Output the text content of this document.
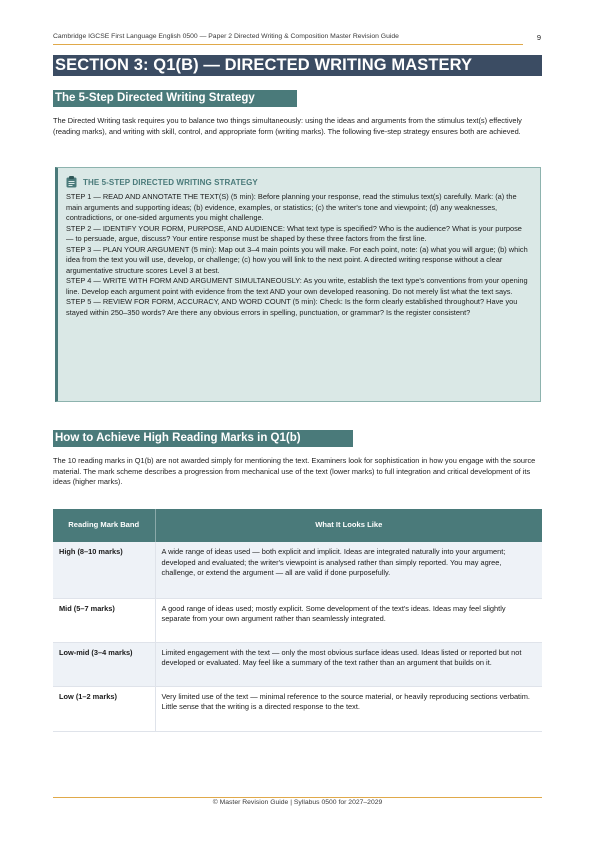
Cambridge IGCSE First Language English 0500 — Paper 2 Directed Writing & Composition Master Revision Guide	9
SECTION 3: Q1(B) — DIRECTED WRITING MASTERY
The 5-Step Directed Writing Strategy

The Directed Writing task requires you to balance two things simultaneously: using the ideas and arguments from the stimulus text(s) effectively (reading marks), and writing with skill, control, and appropriate form (writing marks). The following five-step strategy ensures both are achieved.

THE 5-STEP DIRECTED WRITING STRATEGY

STEP 1 — READ AND ANNOTATE THE TEXT(S) (5 min): Before planning your response, read the stimulus text(s) carefully. Mark: (a) the main arguments and supporting ideas; (b) evidence, examples, or statistics; (c) the writer's tone and viewpoint; (d) any weaknesses, contradictions, or one-sided arguments you might challenge.

STEP 2 — IDENTIFY YOUR FORM, PURPOSE, AND AUDIENCE: What text type is specified? Who is the audience? What is your purpose — to persuade, argue, discuss? Your entire response must be shaped by these three factors from the first line.

STEP 3 — PLAN YOUR ARGUMENT (5 min): Map out 3–4 main points you will make. For each point, note: (a) what you will argue; (b) which idea from the text you will use, develop, or challenge; (c) how you will link to the next point. A directed writing response without a clear argumentative structure scores Level 3 at best.

STEP 4 — WRITE WITH FORM AND ARGUMENT SIMULTANEOUSLY: As you write, establish the text type's conventions from your opening line. Develop each argument point with evidence from the text AND your own developed reasoning. Do not merely list what the text says.

STEP 5 — REVIEW FOR FORM, ACCURACY, AND WORD COUNT (5 min): Check: Is the form clearly established throughout? Have you stayed within 250–350 words? Are there any obvious errors in spelling, punctuation, or grammar? Is the register consistent?

How to Achieve High Reading Marks in Q1(b)

The 10 reading marks in Q1(b) are not awarded simply for mentioning the text. Examiners look for sophistication in how you engage with the source material. The mark scheme describes a progression from mechanical use of the text (lower marks) to full integration and critical development of its ideas (higher marks).

Reading Mark Band	What It Looks Like
High (8–10 marks)	A wide range of ideas used — both explicit and implicit. Ideas are integrated naturally into your argument; developed and evaluated; the writer's viewpoint is analysed rather than simply reported. You may agree, challenge, or extend the argument — all are valid if done purposefully.
Mid (5–7 marks)	A good range of ideas used; mostly explicit. Some development of the text's ideas. Ideas may feel slightly separate from your own argument rather than seamlessly integrated.
Low-mid (3–4 marks)	Limited engagement with the text — only the most obvious surface ideas used. Ideas listed or reported but not developed or evaluated. May feel like a summary of the text rather than an argument that builds on it.
Low (1–2 marks)	Very limited use of the text — minimal reference to the source material, or heavily reproducing sections verbatim. Little sense that the writing is a directed response to the text.
© Master Revision Guide | Syllabus 0500 for 2027–2029
